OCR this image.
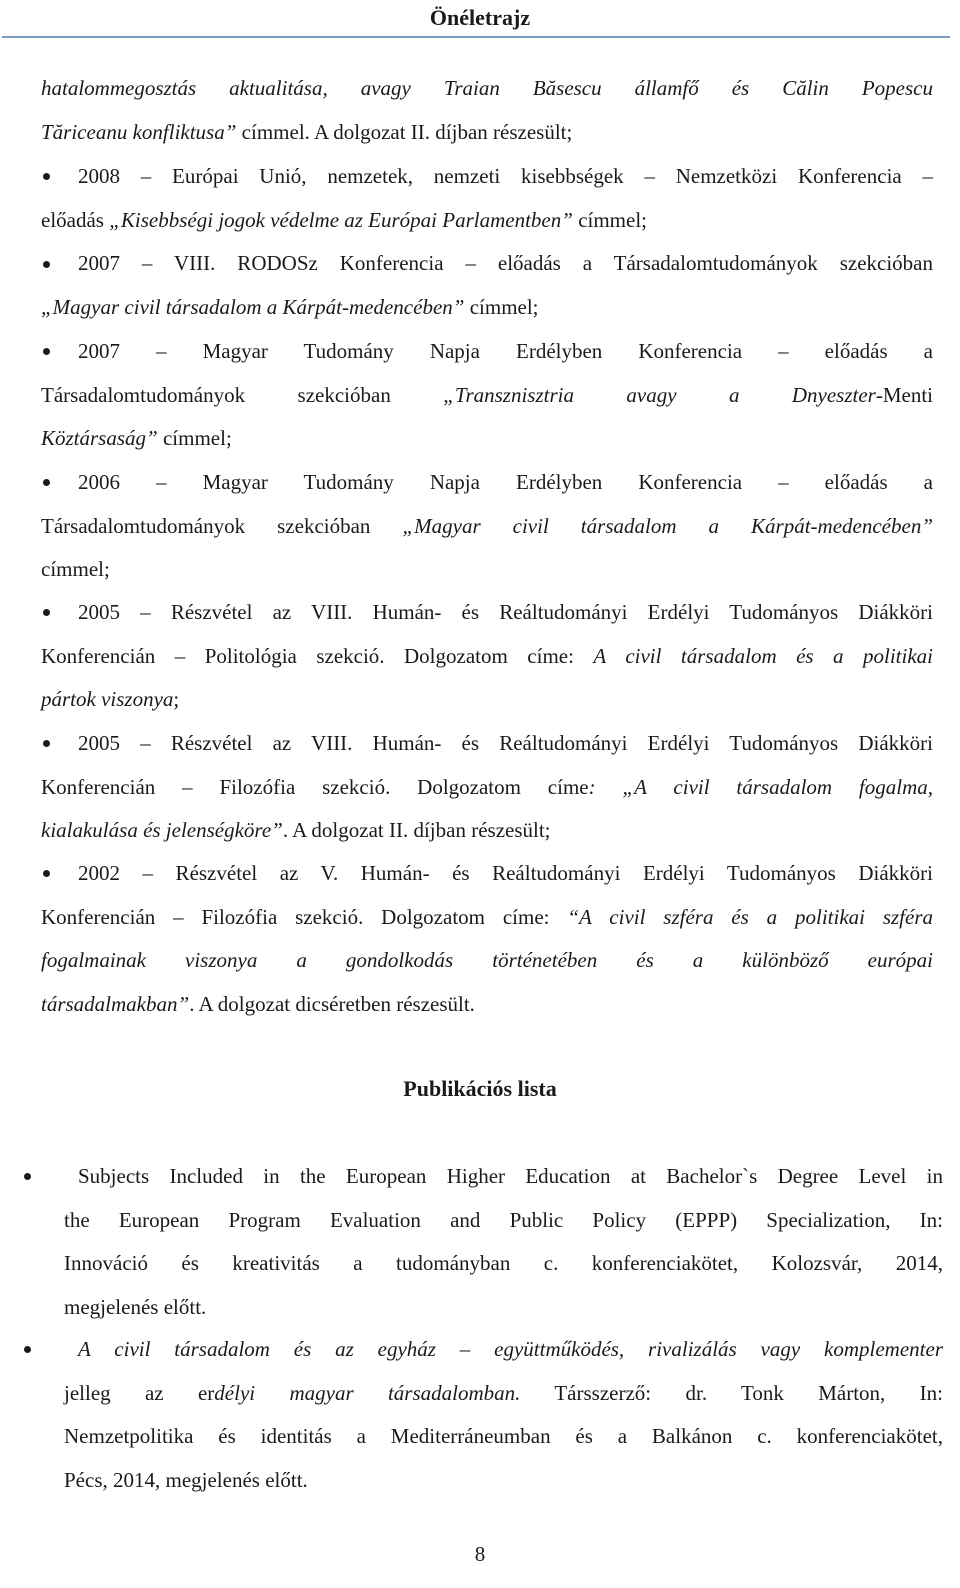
Önéletrajz
hatalommegosztás aktualitása, avagy Traian Băsescu államfő és Călin Popescu
Tăriceanu konfliktusa” címmel. A dolgozat II. díjban részesült;
2008 – Európai Unió, nemzetek, nemzeti kisebbségek – Nemzetközi Konferencia –
előadás „Kisebbségi jogok védelme az Európai Parlamentben” címmel;
2007 – VIII. RODOSz Konferencia – előadás a Társadalomtudományok szekcióban
„Magyar civil társadalom a Kárpát-medencében” címmel;
2007 – Magyar Tudomány Napja Erdélyben Konferencia – előadás a
Társadalomtudományok szekcióban „Transznisztria avagy a Dnyeszter-Menti
Köztársaság” címmel;
2006 – Magyar Tudomány Napja Erdélyben Konferencia – előadás a
Társadalomtudományok szekcióban „Magyar civil társadalom a Kárpát-medencében”
címmel;
2005 – Részvétel az VIII. Humán- és Reáltudományi Erdélyi Tudományos Diákköri
Konferencián – Politológia szekció. Dolgozatom címe: A civil társadalom és a politikai
pártok viszonya;
2005 – Részvétel az VIII. Humán- és Reáltudományi Erdélyi Tudományos Diákköri
Konferencián – Filozófia szekció. Dolgozatom címe: „A civil társadalom fogalma,
kialakulása és jelenségköre”. A dolgozat II. díjban részesült;
2002 – Részvétel az V. Humán- és Reáltudományi Erdélyi Tudományos Diákköri
Konferencián – Filozófia szekció. Dolgozatom címe: “A civil szféra és a politikai szféra
fogalmainak viszonya a gondolkodás történetében és a különböző európai
társadalmakban”. A dolgozat dicséretben részesült.
Publikációs lista
Subjects Included in the European Higher Education at Bachelor`s Degree Level in
the European Program Evaluation and Public Policy (EPPP) Specialization, In:
Innováció és kreativitás a tudományban c. konferenciakötet, Kolozsvár, 2014,
megjelenés előtt.
A civil társadalom és az egyház – együttműködés, rivalizálás vagy komplementer
jelleg az erdélyi magyar társadalomban. Társszerző: dr. Tonk Márton, In:
Nemzetpolitika és identitás a Mediterráneumban és a Balkánon c. konferenciakötet,
Pécs, 2014, megjelenés előtt.
8
